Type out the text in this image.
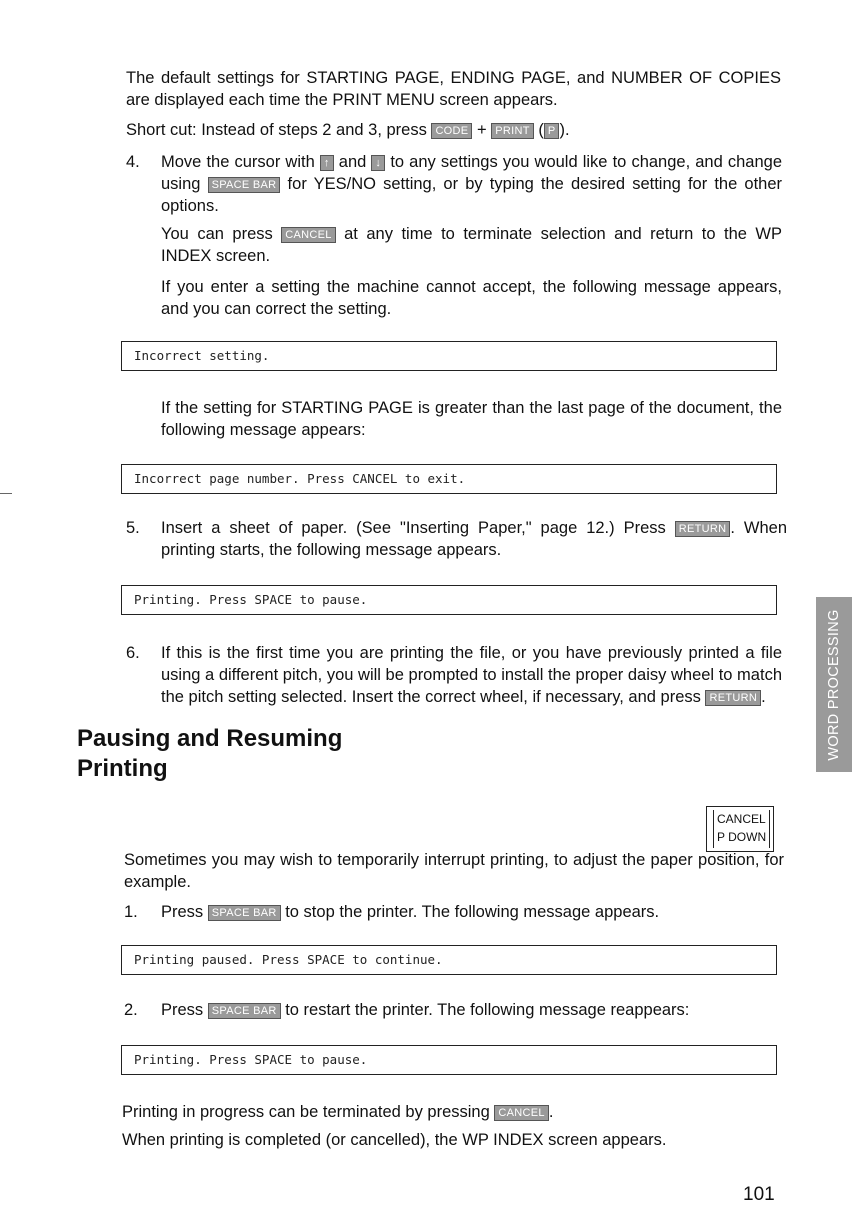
The default settings for STARTING PAGE, ENDING PAGE, and NUMBER OF COPIES are displayed each time the PRINT MENU screen appears.

Short cut: Instead of steps 2 and 3, press CODE + PRINT ( P ).

4. Move the cursor with ↑ and ↓ to any settings you would like to change, and change using SPACE BAR for YES/NO setting, or by typing the desired setting for the other options.

You can press CANCEL at any time to terminate selection and return to the WP INDEX screen.

If you enter a setting the machine cannot accept, the following message appears, and you can correct the setting.

Incorrect setting.

If the setting for STARTING PAGE is greater than the last page of the document, the following message appears:

Incorrect page number. Press CANCEL to exit.
5. Insert a sheet of paper. (See "Inserting Paper," page 12.) Press RETURN . When printing starts, the following message appears.

Printing. Press SPACE to pause.
6. If this is the first time you are printing the file, or you have previously printed a file using a different pitch, you will be prompted to install the proper daisy wheel to match the pitch setting selected. Insert the correct wheel, if necessary, and press RETURN .

Pausing and Resuming
Printing
CANCEL
P DOWN
WORD PROCESSING

Sometimes you may wish to temporarily interrupt printing, to adjust the paper position, for example.

1. Press SPACE BAR to stop the printer. The following message appears.

Printing paused. Press SPACE to continue.
2. Press SPACE BAR to restart the printer. The following message reappears:

Printing. Press SPACE to pause.

Printing in progress can be terminated by pressing CANCEL .

When printing is completed (or cancelled), the WP INDEX screen appears.

101
